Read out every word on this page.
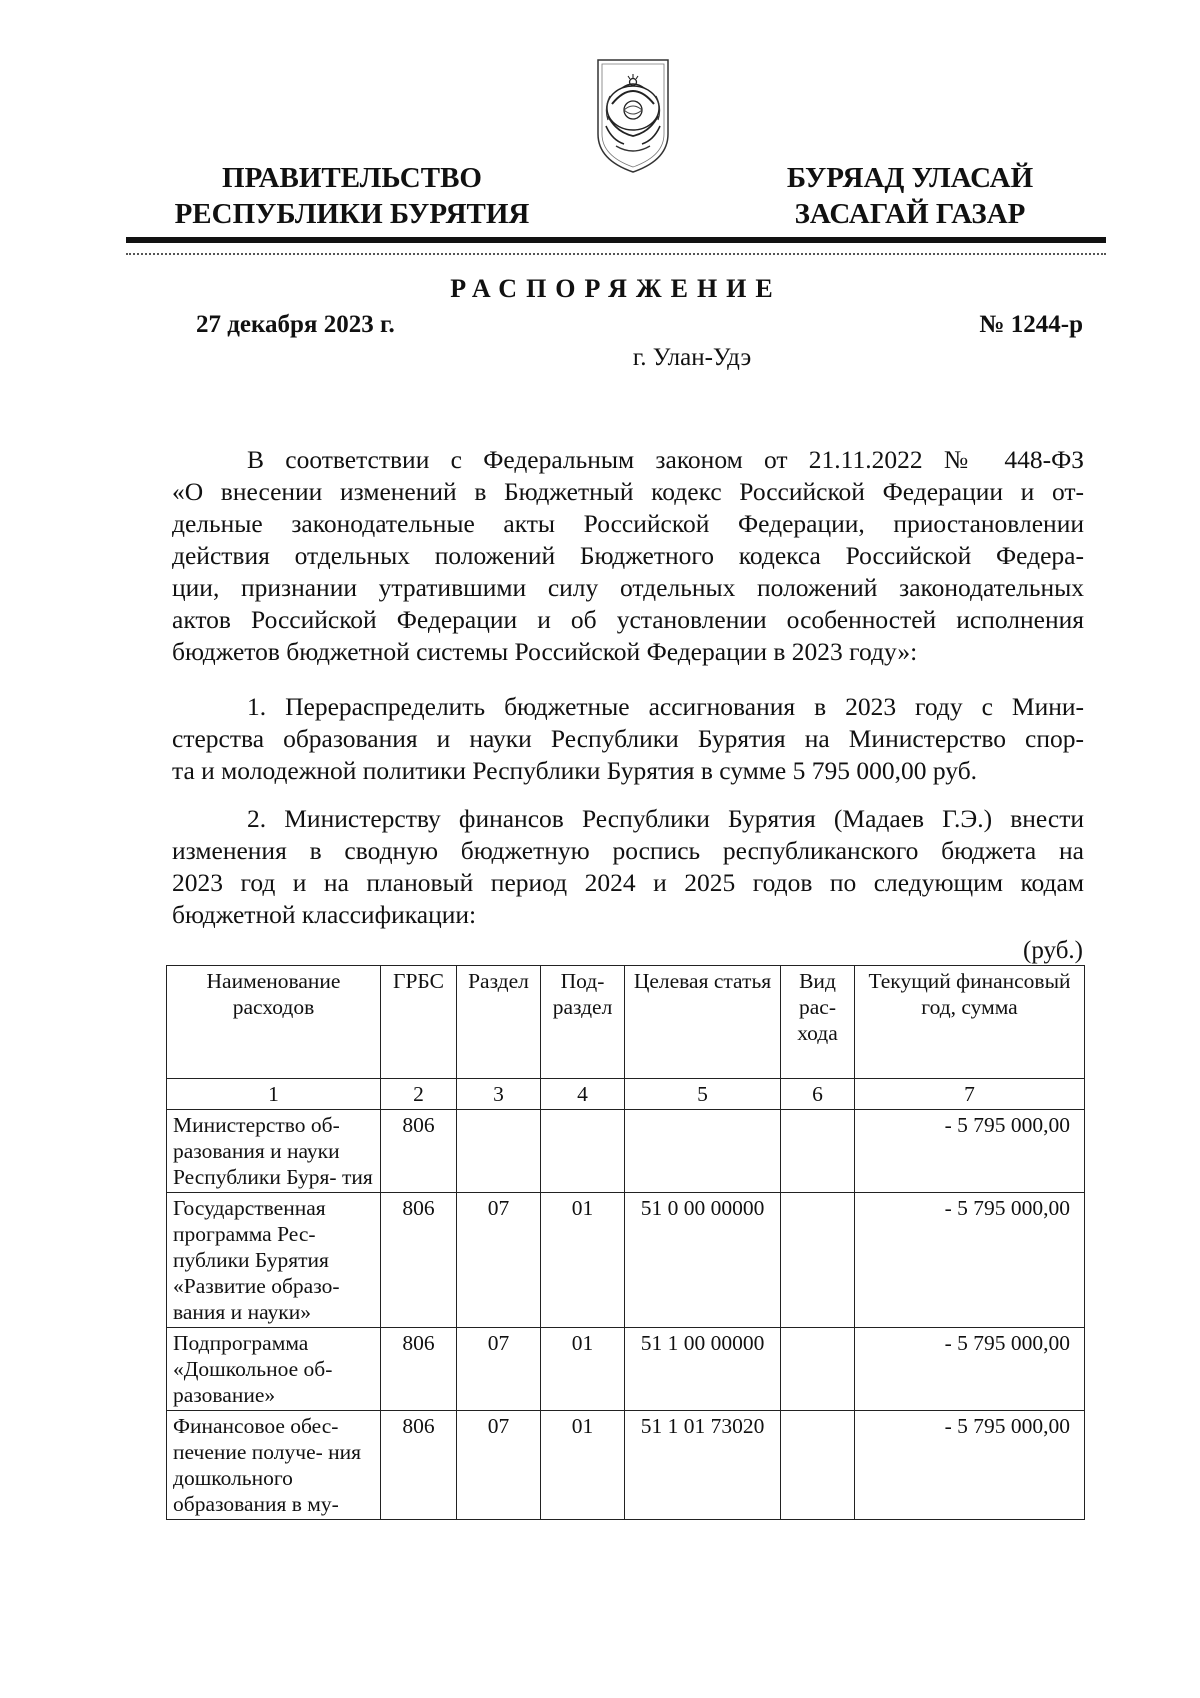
ПРАВИТЕЛЬСТВО
РЕСПУБЛИКИ БУРЯТИЯ
БУРЯАД УЛАСАЙ
ЗАСАГАЙ ГАЗАР
РАСПОРЯЖЕНИЕ
27 декабря 2023 г.	№ 1244-р
г. Улан-Удэ
В соответствии с Федеральным законом от 21.11.2022 № 448-ФЗ
«О внесении изменений в Бюджетный кодекс Российской Федерации и от-
дельные законодательные акты Российской Федерации, приостановлении
действия отдельных положений Бюджетного кодекса Российской Федера-
ции, признании утратившими силу отдельных положений законодательных
актов Российской Федерации и об установлении особенностей исполнения
бюджетов бюджетной системы Российской Федерации в 2023 году»:
1. Перераспределить бюджетные ассигнования в 2023 году с Мини-
стерства образования и науки Республики Бурятия на Министерство спор-
та и молодежной политики Республики Бурятия в сумме 5 795 000,00 руб.
2. Министерству финансов Республики Бурятия (Мадаев Г.Э.) внести
изменения в сводную бюджетную роспись республиканского бюджета на
2023 год и на плановый период 2024 и 2025 годов по следующим кодам
бюджетной классификации:
(руб.)
Наименование расходов	ГРБС	Раздел	Под- раздел	Целевая статья	Вид рас- хода	Текущий финансовый год, сумма
1	2	3	4	5	6	7
Министерство об- разования и науки Республики Буря- тия	806					- 5 795 000,00
Государственная программа Рес- публики Бурятия «Развитие образо- вания и науки»	806	07	01	51 0 00 00000		- 5 795 000,00
Подпрограмма «Дошкольное об- разование»	806	07	01	51 1 00 00000		- 5 795 000,00
Финансовое обес- печение получе- ния дошкольного образования в му-	806	07	01	51 1 01 73020		- 5 795 000,00
